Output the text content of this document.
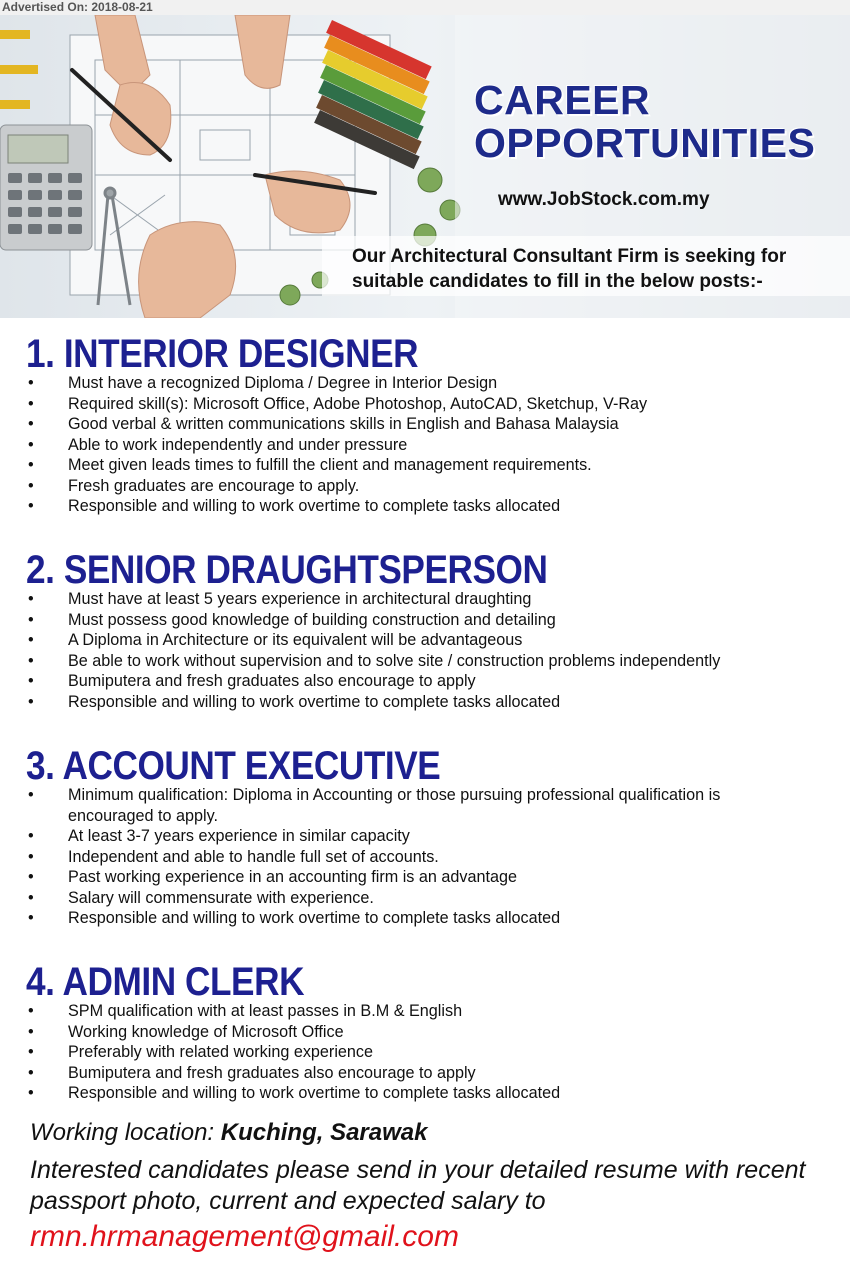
Advertised On: 2018-08-21
CAREER
OPPORTUNITIES
www.JobStock.com.my
Our Architectural Consultant Firm is seeking for
suitable candidates to fill in the below posts:-
1. INTERIOR DESIGNER
• Must have a recognized Diploma / Degree in Interior Design
• Required skill(s): Microsoft Office, Adobe Photoshop, AutoCAD, Sketchup, V-Ray
• Good verbal & written communications skills in English and Bahasa Malaysia
• Able to work independently and under pressure
• Meet given leads times to fulfill the client and management requirements.
• Fresh graduates are encourage to apply.
• Responsible and willing to work overtime to complete tasks allocated
2. SENIOR DRAUGHTSPERSON
• Must have at least 5 years experience in architectural draughting
• Must possess good knowledge of building construction and detailing
• A Diploma in Architecture or its equivalent will be advantageous
• Be able to work without supervision and to solve site / construction problems independently
• Bumiputera and fresh graduates also encourage to apply
• Responsible and willing to work overtime to complete tasks allocated
3. ACCOUNT EXECUTIVE
• Minimum qualification: Diploma in Accounting or those pursuing professional qualification is encouraged to apply.
• At least 3-7 years experience in similar capacity
• Independent and able to handle full set of accounts.
• Past working experience in an accounting firm is an advantage
• Salary will commensurate with experience.
• Responsible and willing to work overtime to complete tasks allocated
4. ADMIN CLERK
• SPM qualification with at least passes in B.M & English
• Working knowledge of Microsoft Office
• Preferably with related working experience
• Bumiputera and fresh graduates also encourage to apply
• Responsible and willing to work overtime to complete tasks allocated
Working location: Kuching, Sarawak
Interested candidates please send in your detailed resume with recent passport photo, current and expected salary to
rmn.hrmanagement@gmail.com
